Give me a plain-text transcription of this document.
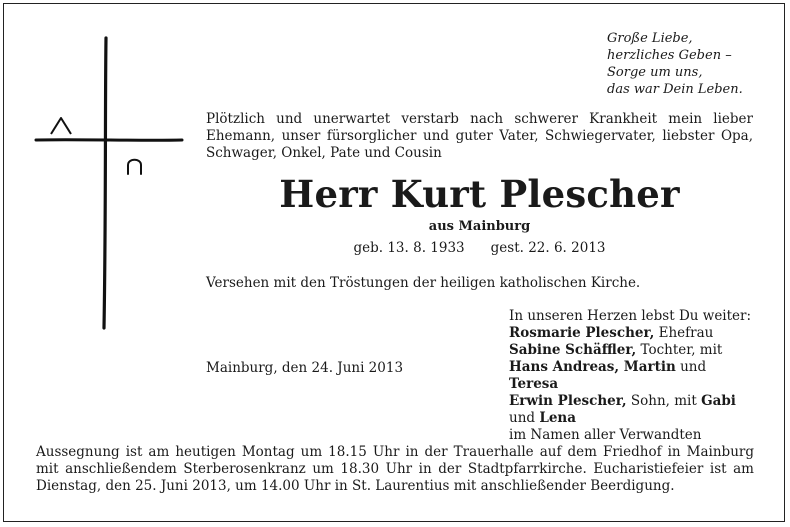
Große Liebe,
herzliches Geben –
Sorge um uns,
das war Dein Leben.
Plötzlich und unerwartet verstarb nach schwerer Krankheit mein lieber Ehemann, unser fürsorglicher und guter Vater, Schwiegervater, liebster Opa, Schwager, Onkel, Pate und Cousin
Herr Kurt Plescher
aus Mainburg
geb. 13. 8. 1933 gest. 22. 6. 2013
Versehen mit den Tröstungen der heiligen katholischen Kirche.
Mainburg, den 24. Juni 2013
In unseren Herzen lebst Du weiter:
Rosmarie Plescher, Ehefrau
Sabine Schäffler, Tochter, mit Hans Andreas, Martin und Teresa
Erwin Plescher, Sohn, mit Gabi und Lena
im Namen aller Verwandten
Aussegnung ist am heutigen Montag um 18.15 Uhr in der Trauerhalle auf dem Friedhof in Mainburg mit anschließendem Sterberosenkranz um 18.30 Uhr in der Stadtpfarrkirche. Eucharistiefeier ist am Dienstag, den 25. Juni 2013, um 14.00 Uhr in St. Laurentius mit anschließender Beerdigung.
